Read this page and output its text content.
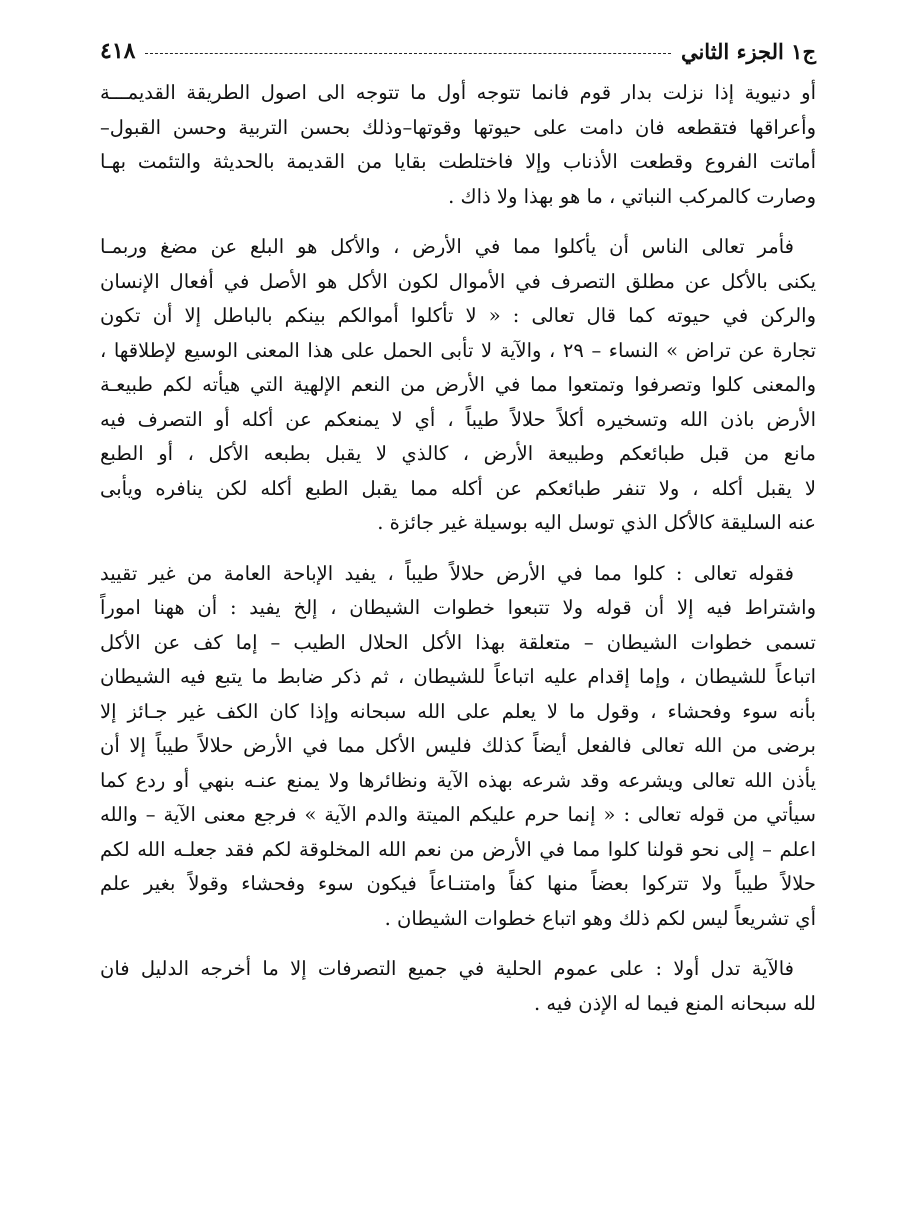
٤١٨	ج١ الجزء الثاني
أو دنيوية إذا نزلت بدار قوم فانما تتوجه أول ما تتوجه الى اصول الطريقة القديمـــة
وأعراقها فتقطعه فان دامت على حيوتها وقوتها–وذلك بحسن التربية وحسن القبول–
أماتت الفروع وقطعت الأذناب وإلا فاختلطت بقايا من القديمة بالحديثة والتئمت بهـا
وصارت كالمركب النباتي ، ما هو بهذا ولا ذاك .
فأمر تعالى الناس أن يأكلوا مما في الأرض ، والأكل هو البلع عن مضغ وربمـا
يكنى بالأكل عن مطلق التصرف في الأموال لكون الأكل هو الأصل في أفعال الإنسان
والركن في حيوته كما قال تعالى : « لا تأكلوا أموالكم بينكم بالباطل إلا أن تكون
تجارة عن تراض » النساء – ٢٩ ، والآية لا تأبى الحمل على هذا المعنى الوسيع لإطلاقها ،
والمعنى كلوا وتصرفوا وتمتعوا مما في الأرض من النعم الإلهية التي هيأته لكم طبيعـة
الأرض باذن الله وتسخيره أكلاً حلالاً طيباً ، أي لا يمنعكم عن أكله أو التصرف فيه
مانع من قبل طبائعكم وطبيعة الأرض ، كالذي لا يقبل بطبعه الأكل ، أو الطبع
لا يقبل أكله ، ولا تنفر طبائعكم عن أكله مما يقبل الطبع أكله لكن ينافره ويأبى
عنه السليقة كالأكل الذي توسل اليه بوسيلة غير جائزة .
فقوله تعالى : كلوا مما في الأرض حلالاً طيباً ، يفيد الإباحة العامة من غير تقييد
واشتراط فيه إلا أن قوله ولا تتبعوا خطوات الشيطان ، إلخ يفيد : أن ههنا اموراً
تسمى خطوات الشيطان – متعلقة بهذا الأكل الحلال الطيب – إما كف عن الأكل
اتباعاً للشيطان ، وإما إقدام عليه اتباعاً للشيطان ، ثم ذكر ضابط ما يتبع فيه الشيطان
بأنه سوء وفحشاء ، وقول ما لا يعلم على الله سبحانه وإذا كان الكف غير جـائز إلا
برضى من الله تعالى فالفعل أيضاً كذلك فليس الأكل مما في الأرض حلالاً طيباً إلا أن
يأذن الله تعالى ويشرعه وقد شرعه بهذه الآية ونظائرها ولا يمنع عنـه بنهي أو ردع كما
سيأتي من قوله تعالى : « إنما حرم عليكم الميتة والدم الآية » فرجع معنى الآية – والله
اعلم – إلى نحو قولنا كلوا مما في الأرض من نعم الله المخلوقة لكم فقد جعلـه الله لكم
حلالاً طيباً ولا تتركوا بعضاً منها كفاً وامتنـاعاً فيكون سوء وفحشاء وقولاً بغير علم
أي تشريعاً ليس لكم ذلك وهو اتباع خطوات الشيطان .
فالآية تدل أولا : على عموم الحلية في جميع التصرفات إلا ما أخرجه الدليل فان
لله سبحانه المنع فيما له الإذن فيه .
